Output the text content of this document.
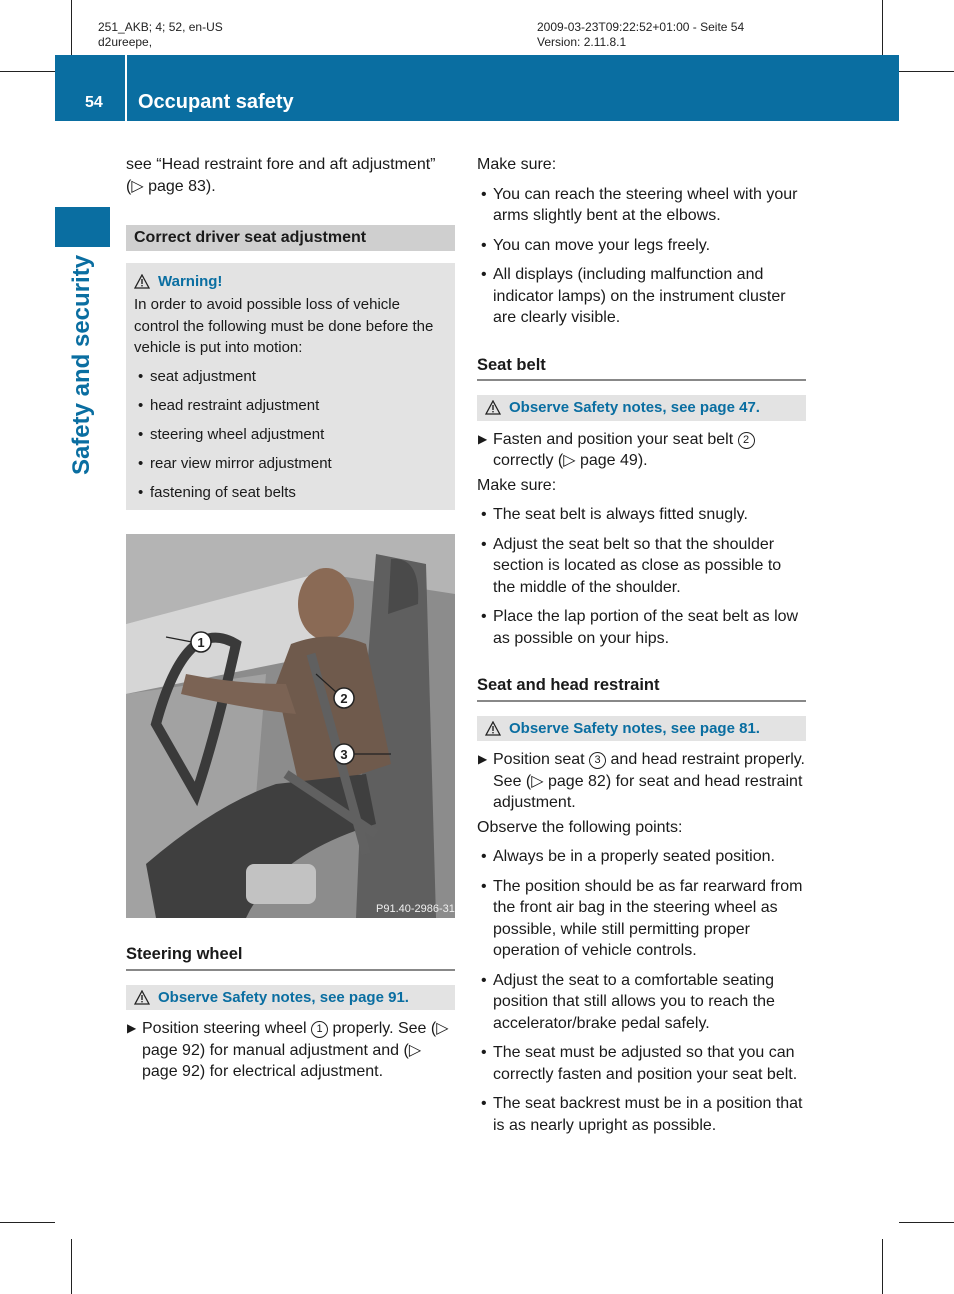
251_AKB; 4; 52, en-US
d2ureepe,
2009-03-23T09:22:52+01:00 - Seite 54
Version: 2.11.8.1
54 Occupant safety
Safety and security

see “Head restraint fore and aft adjustment” (▷ page 83).

Correct driver seat adjustment
Warning!
In order to avoid possible loss of vehicle control the following must be done before the vehicle is put into motion:
• seat adjustment
• head restraint adjustment
• steering wheel adjustment
• rear view mirror adjustment
• fastening of seat belts
1
2
3
P91.40-2986-31
Steering wheel
Observe Safety notes, see page 91.
▶ Position steering wheel 1 properly. See (▷ page 92) for manual adjustment and (▷ page 92) for electrical adjustment.

Make sure:

• You can reach the steering wheel with your arms slightly bent at the elbows.
• You can move your legs freely.
• All displays (including malfunction and indicator lamps) on the instrument cluster are clearly visible.
Seat belt
Observe Safety notes, see page 47.
▶ Fasten and position your seat belt 2 correctly (▷ page 49).

Make sure:

• The seat belt is always fitted snugly.
• Adjust the seat belt so that the shoulder section is located as close as possible to the middle of the shoulder.
• Place the lap portion of the seat belt as low as possible on your hips.
Seat and head restraint
Observe Safety notes, see page 81.
▶ Position seat 3 and head restraint properly. See (▷ page 82) for seat and head restraint adjustment.

Observe the following points:

• Always be in a properly seated position.
• The position should be as far rearward from the front air bag in the steering wheel as possible, while still permitting proper operation of vehicle controls.
• Adjust the seat to a comfortable seating position that still allows you to reach the accelerator/brake pedal safely.
• The seat must be adjusted so that you can correctly fasten and position your seat belt.
• The seat backrest must be in a position that is as nearly upright as possible.
